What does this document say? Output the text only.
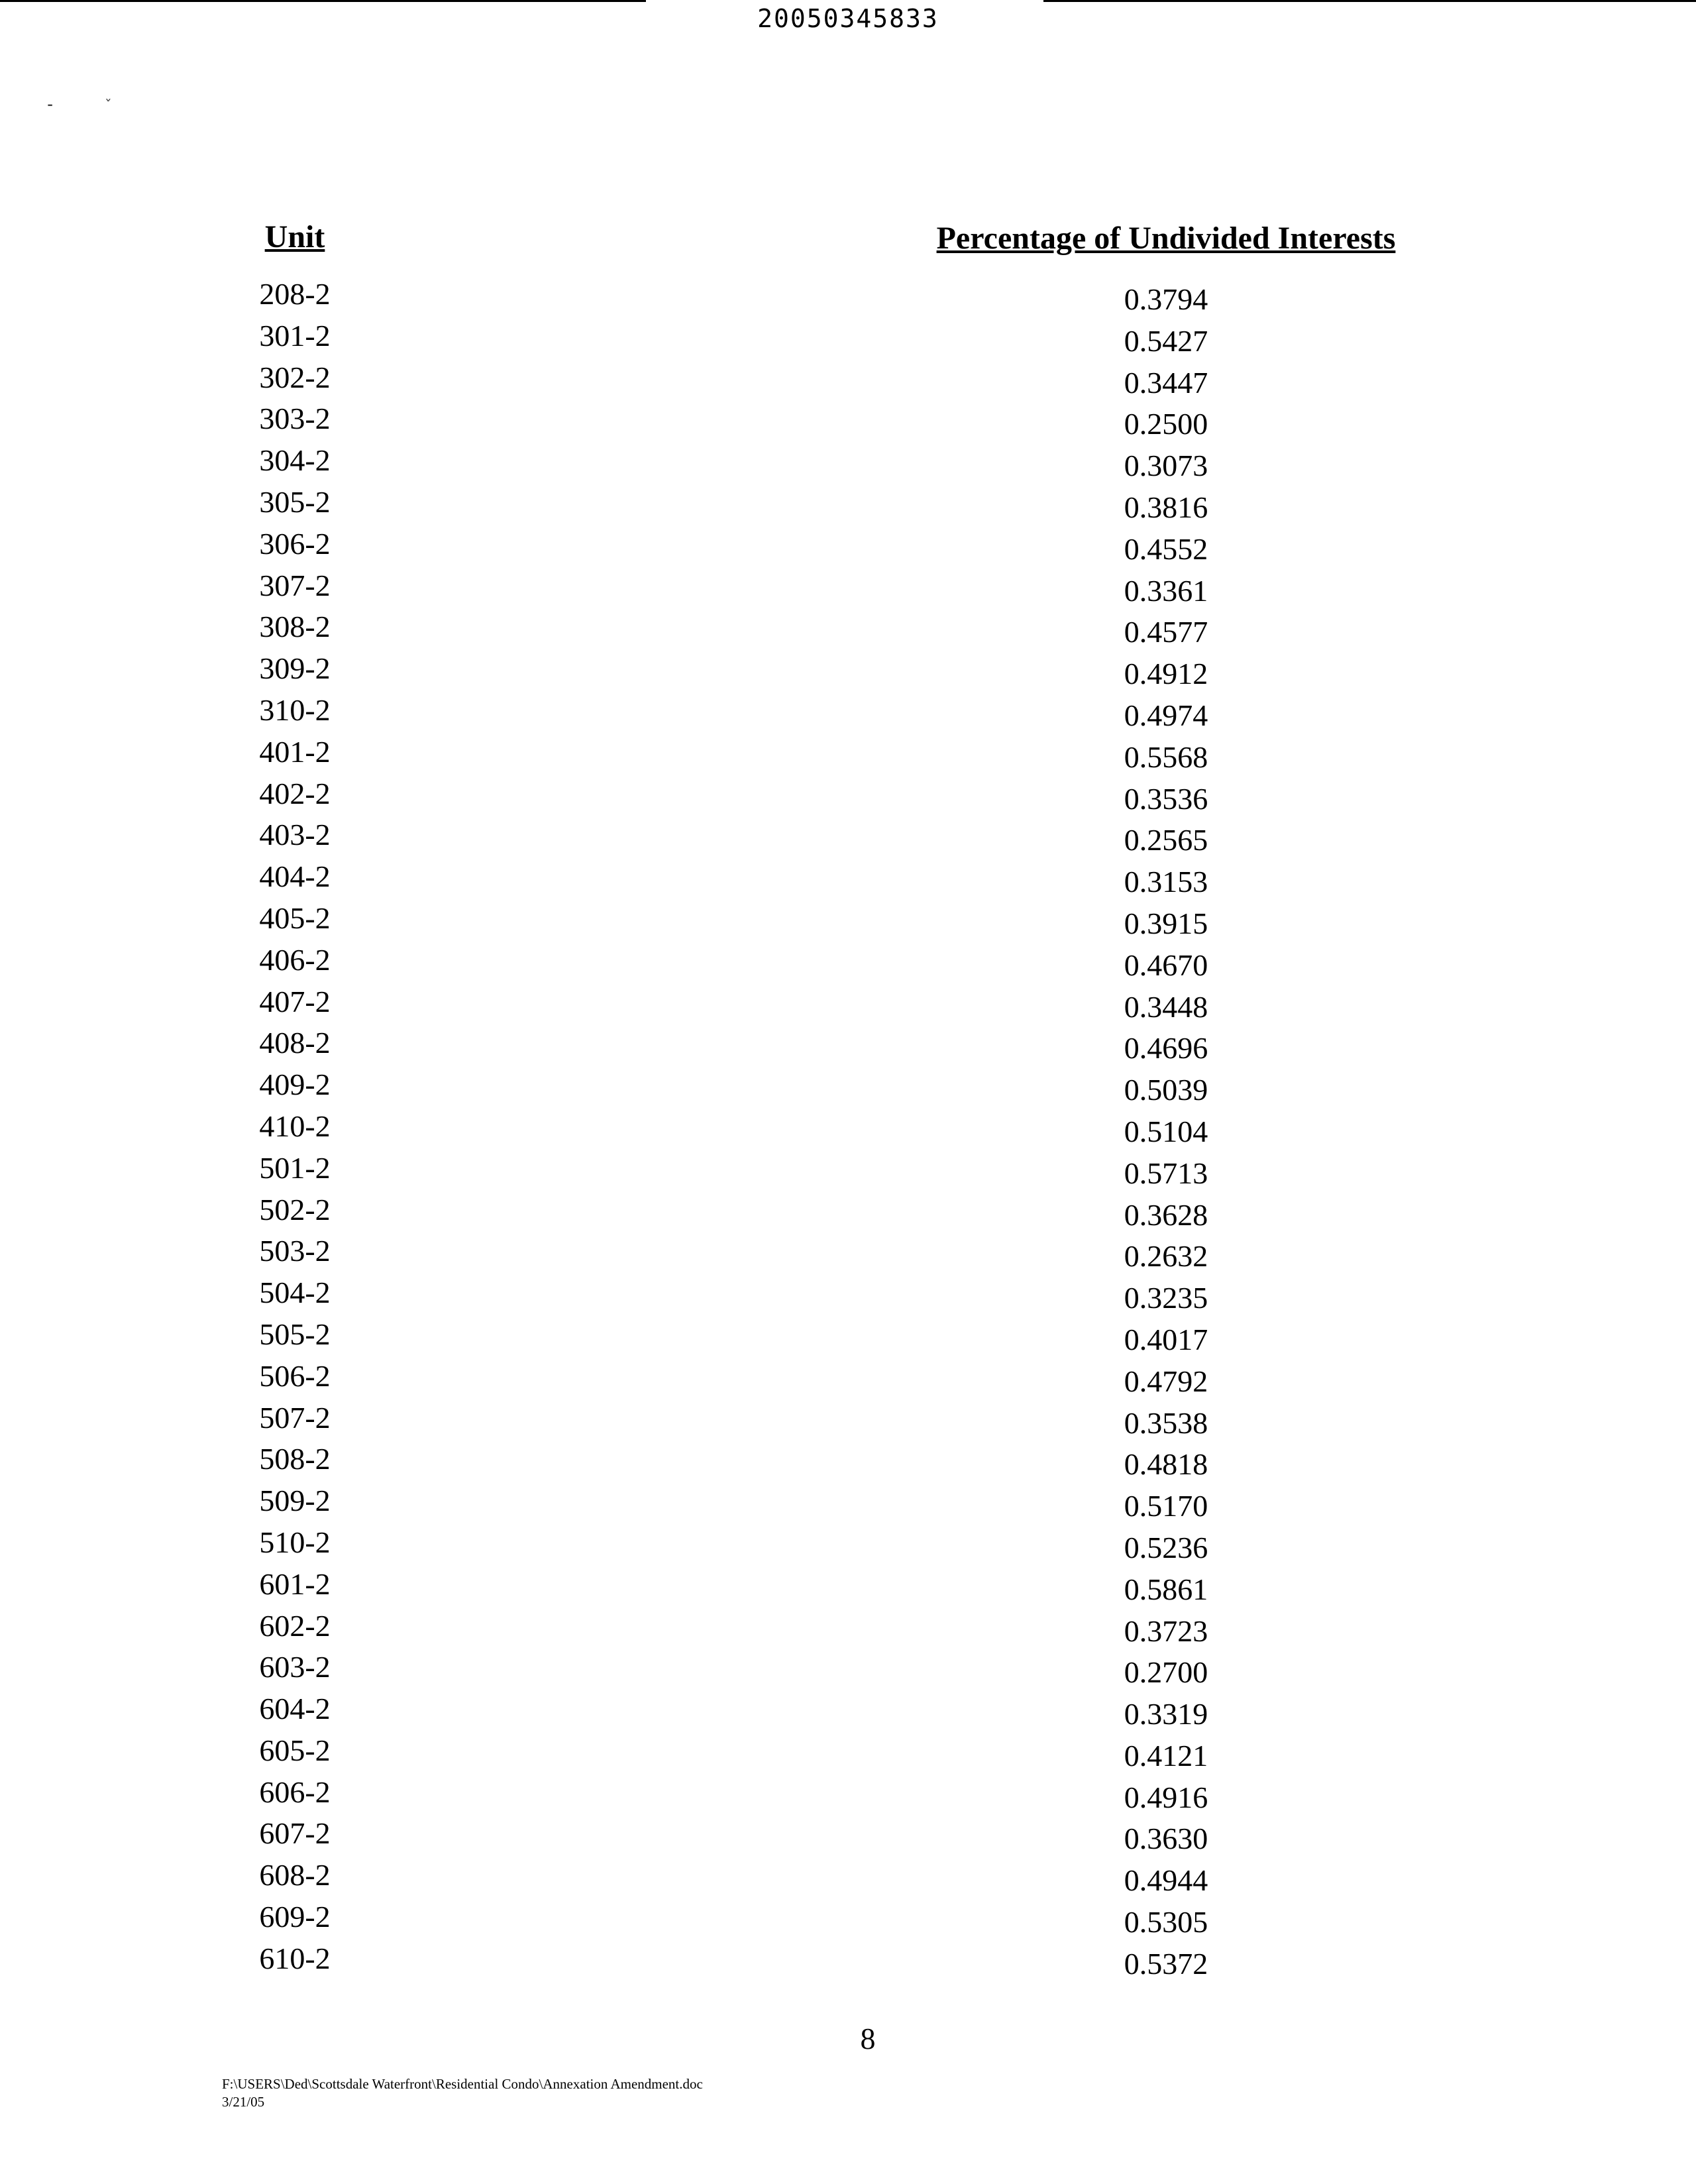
20050345833
⁃           ˇ
Unit	Percentage of Undivided Interests
208-2	0.3794
301-2	0.5427
302-2	0.3447
303-2	0.2500
304-2	0.3073
305-2	0.3816
306-2	0.4552
307-2	0.3361
308-2	0.4577
309-2	0.4912
310-2	0.4974
401-2	0.5568
402-2	0.3536
403-2	0.2565
404-2	0.3153
405-2	0.3915
406-2	0.4670
407-2	0.3448
408-2	0.4696
409-2	0.5039
410-2	0.5104
501-2	0.5713
502-2	0.3628
503-2	0.2632
504-2	0.3235
505-2	0.4017
506-2	0.4792
507-2	0.3538
508-2	0.4818
509-2	0.5170
510-2	0.5236
601-2	0.5861
602-2	0.3723
603-2	0.2700
604-2	0.3319
605-2	0.4121
606-2	0.4916
607-2	0.3630
608-2	0.4944
609-2	0.5305
610-2	0.5372
8
F:\USERS\Ded\Scottsdale Waterfront\Residential Condo\Annexation Amendment.doc
3/21/05
